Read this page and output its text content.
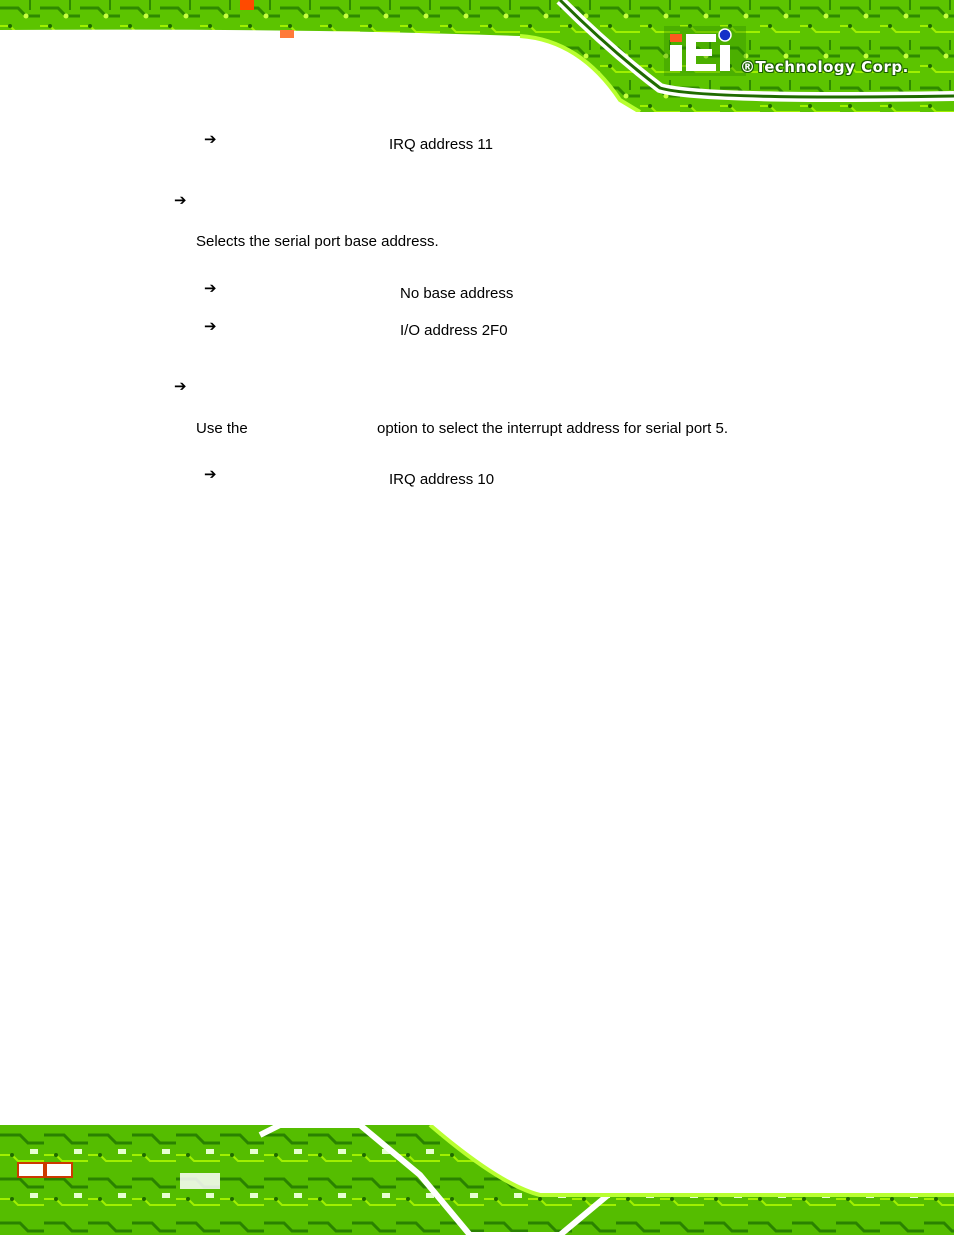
®Technology Corp.
➔	IRQ address 11
➔
Selects the serial port base address.
➔	No base address
➔	I/O address 2F0
➔
Use the	option to select the interrupt address for serial port 5.
➔	IRQ address 10
